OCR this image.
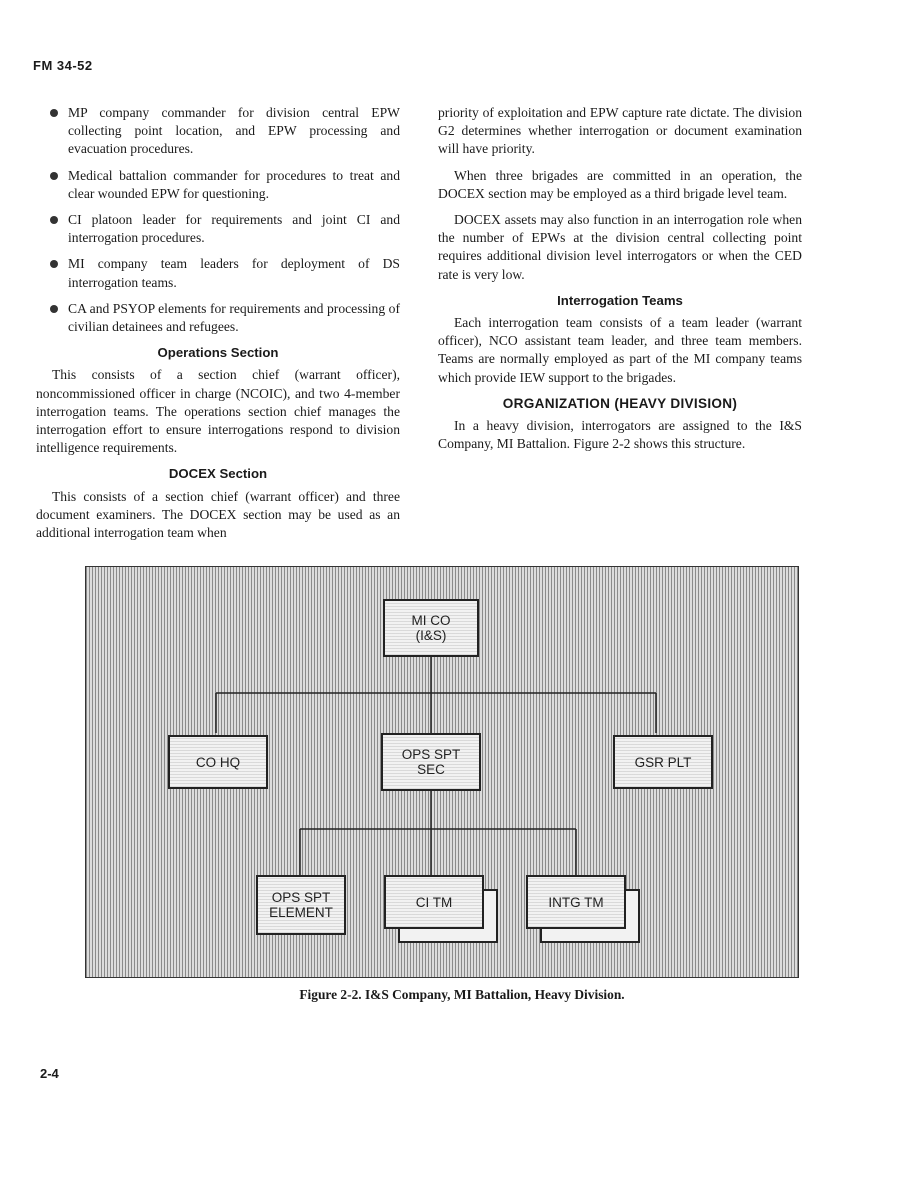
FM 34-52
MP company commander for division central EPW collecting point location, and EPW processing and evacuation procedures.
Medical battalion commander for procedures to treat and clear wounded EPW for questioning.
CI platoon leader for requirements and joint CI and interrogation procedures.
MI company team leaders for deployment of DS interrogation teams.
CA and PSYOP elements for requirements and processing of civilian detainees and refugees.
Operations Section

This consists of a section chief (warrant officer), noncommissioned officer in charge (NCOIC), and two 4-member interrogation teams. The operations section chief manages the interrogation effort to ensure interrogations respond to division intelligence requirements.

DOCEX Section

This consists of a section chief (warrant officer) and three document examiners. The DOCEX section may be used as an additional interrogation team when

priority of exploitation and EPW capture rate dictate. The division G2 determines whether interrogation or document examination will have priority.

When three brigades are committed in an operation, the DOCEX section may be employed as a third brigade level team.

DOCEX assets may also function in an interrogation role when the number of EPWs at the division central collecting point requires additional division level interrogators or when the CED rate is very low.

Interrogation Teams

Each interrogation team consists of a team leader (warrant officer), NCO assistant team leader, and three team members. Teams are normally employed as part of the MI company teams which provide IEW support to the brigades.

ORGANIZATION (HEAVY DIVISION)

In a heavy division, interrogators are assigned to the I&S Company, MI Battalion. Figure 2-2 shows this structure.

MI CO
(I&S)
CO HQ	OPS SPT
SEC	GSR PLT
OPS SPT
ELEMENT
CI TM	INTG TM
Figure 2-2. I&S Company, MI Battalion, Heavy Division.
2-4
